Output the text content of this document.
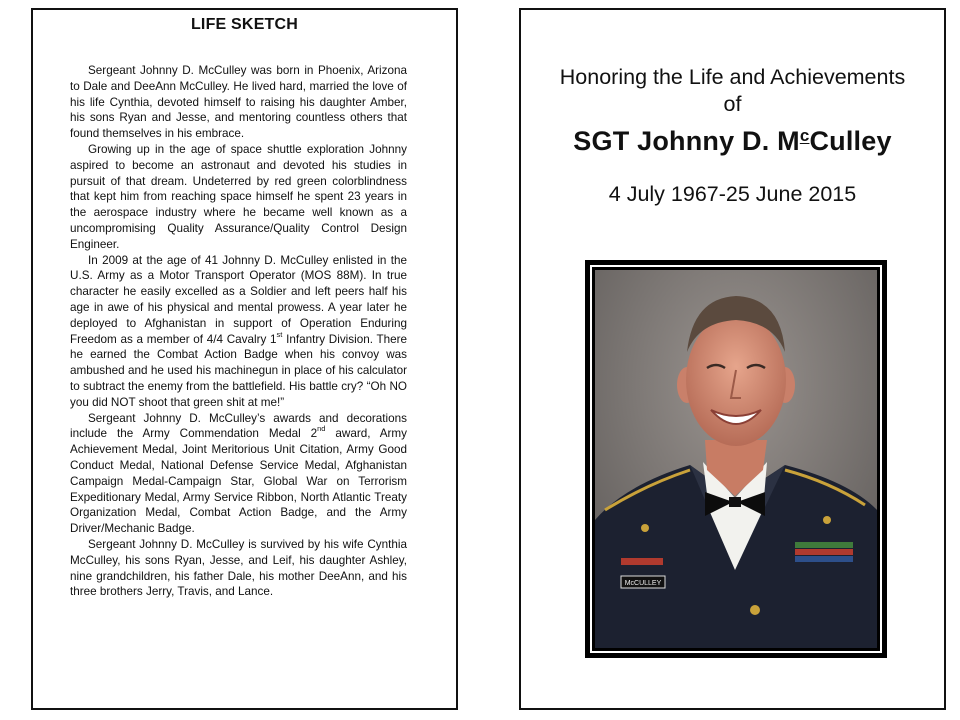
LIFE SKETCH

Sergeant Johnny D. McCulley was born in Phoenix, Arizona to Dale and DeeAnn McCulley. He lived hard, married the love of his life Cynthia, devoted himself to raising his daughter Amber, his sons Ryan and Jesse, and mentoring countless others that found themselves in his embrace.

Growing up in the age of space shuttle exploration Johnny aspired to become an astronaut and devoted his studies in pursuit of that dream. Undeterred by red green colorblindness that kept him from reaching space himself he spent 23 years in the aerospace industry where he became well known as a uncompromising Quality Assurance/Quality Control Design Engineer.

In 2009 at the age of 41 Johnny D. McCulley enlisted in the U.S. Army as a Motor Transport Operator (MOS 88M). In true character he easily excelled as a Soldier and left peers half his age in awe of his physical and mental prowess. A year later he deployed to Afghanistan in support of Operation Enduring Freedom as a member of 4/4 Cavalry 1st Infantry Division. There he earned the Combat Action Badge when his convoy was ambushed and he used his machinegun in place of his calculator to subtract the enemy from the battlefield. His battle cry? “Oh NO you did NOT shoot that green shit at me!”

Sergeant Johnny D. McCulley’s awards and decorations include the Army Commendation Medal 2nd award, Army Achievement Medal, Joint Meritorious Unit Citation, Army Good Conduct Medal, National Defense Service Medal, Afghanistan Campaign Medal-Campaign Star, Global War on Terrorism Expeditionary Medal, Army Service Ribbon, North Atlantic Treaty Organization Medal, Combat Action Badge, and the Army Driver/Mechanic Badge.

Sergeant Johnny D. McCulley is survived by his wife Cynthia McCulley, his sons Ryan, Jesse, and Leif, his daughter Ashley, nine grandchildren, his father Dale, his mother DeeAnn, and his three brothers Jerry, Travis, and Lance.

Honoring the Life and Achievements
of
SGT Johnny D. $M^cCulley$
4 July 1967-25 June 2015
McCULLEY
